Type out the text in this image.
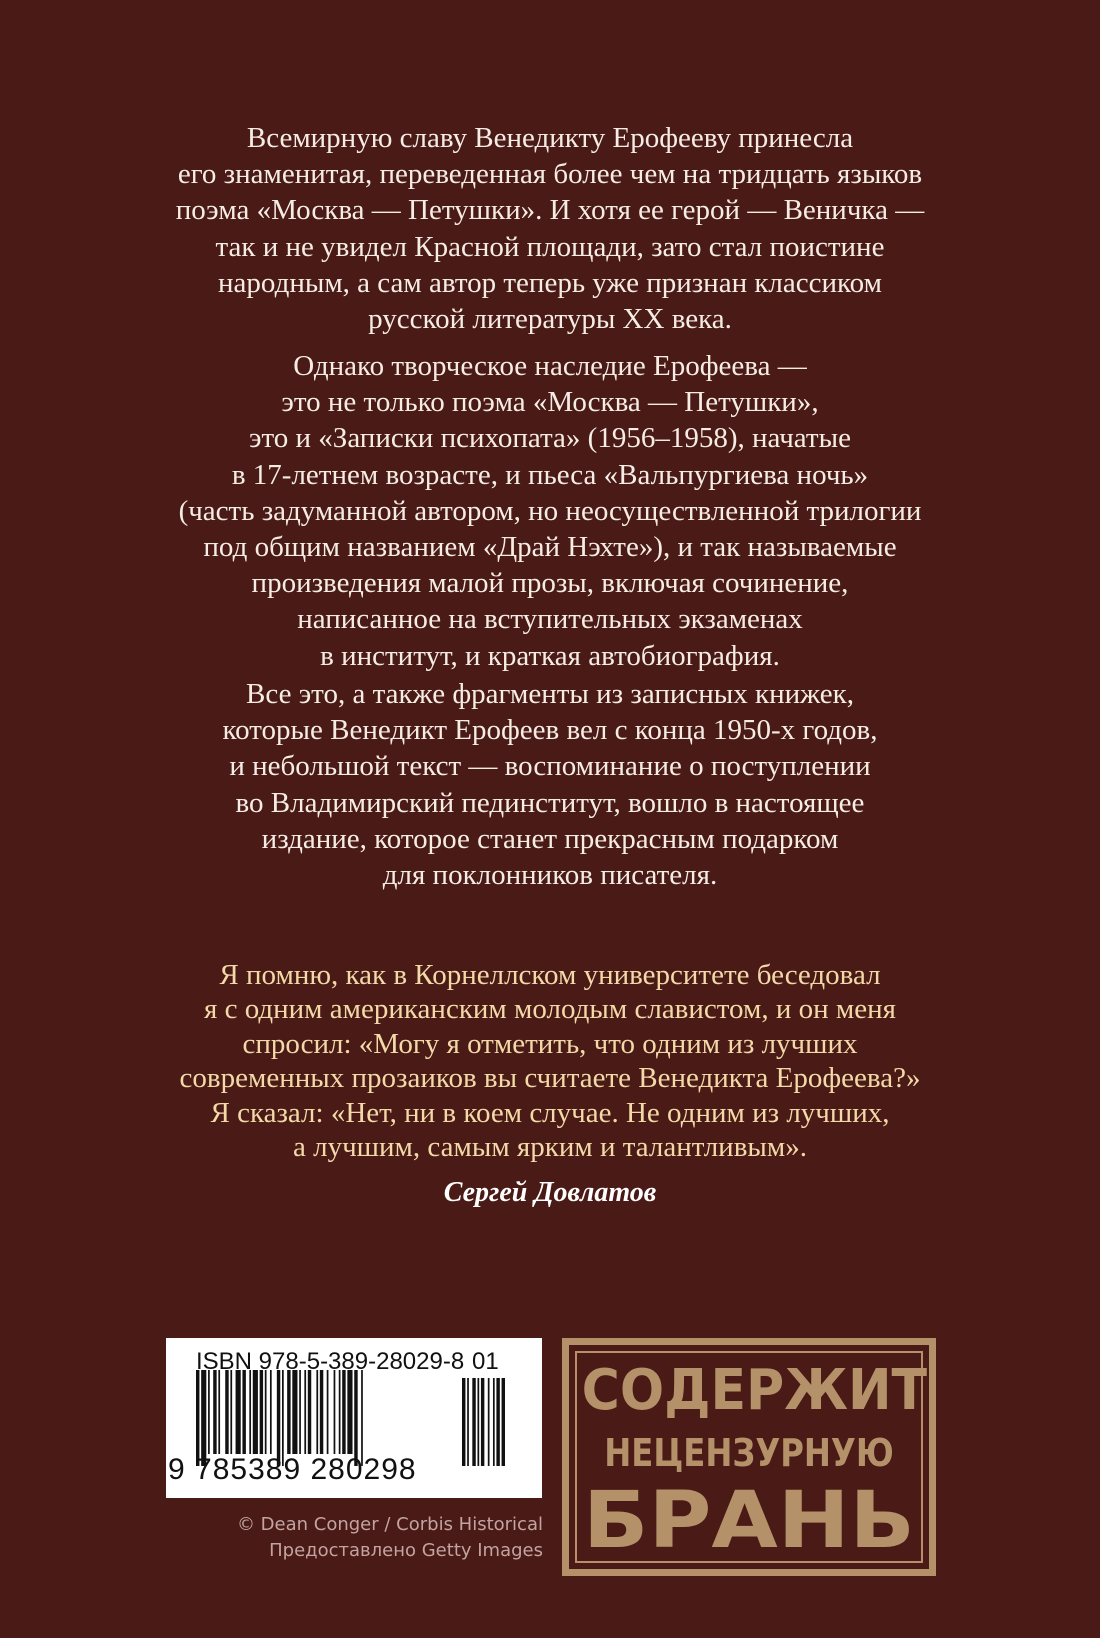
Всемирную славу Венедикту Ерофееву принесла
его знаменитая, переведенная более чем на тридцать языков
поэма «Москва — Петушки». И хотя ее герой — Веничка —
так и не увидел Красной площади, зато стал поистине
народным, а сам автор теперь уже признан классиком
русской литературы XX века.
Однако творческое наследие Ерофеева —
это не только поэма «Москва — Петушки»,
это и «Записки психопата» (1956–1958), начатые
в 17-летнем возрасте, и пьеса «Вальпургиева ночь»
(часть задуманной автором, но неосуществленной трилогии
под общим названием «Драй Нэхте»), и так называемые
произведения малой прозы, включая сочинение,
написанное на вступительных экзаменах
в институт, и краткая автобиография.
Все это, а также фрагменты из записных книжек,
которые Венедикт Ерофеев вел с конца 1950-х годов,
и небольшой текст — воспоминание о поступлении
во Владимирский пединститут, вошло в настоящее
издание, которое станет прекрасным подарком
для поклонников писателя.
Я помню, как в Корнеллском университете беседовал
я с одним американским молодым славистом, и он меня
спросил: «Могу я отметить, что одним из лучших
современных прозаиков вы считаете Венедикта Ерофеева?»
Я сказал: «Нет, ни в коем случае. Не одним из лучших,
а лучшим, самым ярким и талантливым».
Сергей Довлатов
ISBN 978-5-389-28029-8 01
9 785389 280298
© Dean Conger / Corbis Historical
Предоставлено Getty Images
СОДЕРЖИТ
НЕЦЕНЗУРНУЮ
БРАНЬ
